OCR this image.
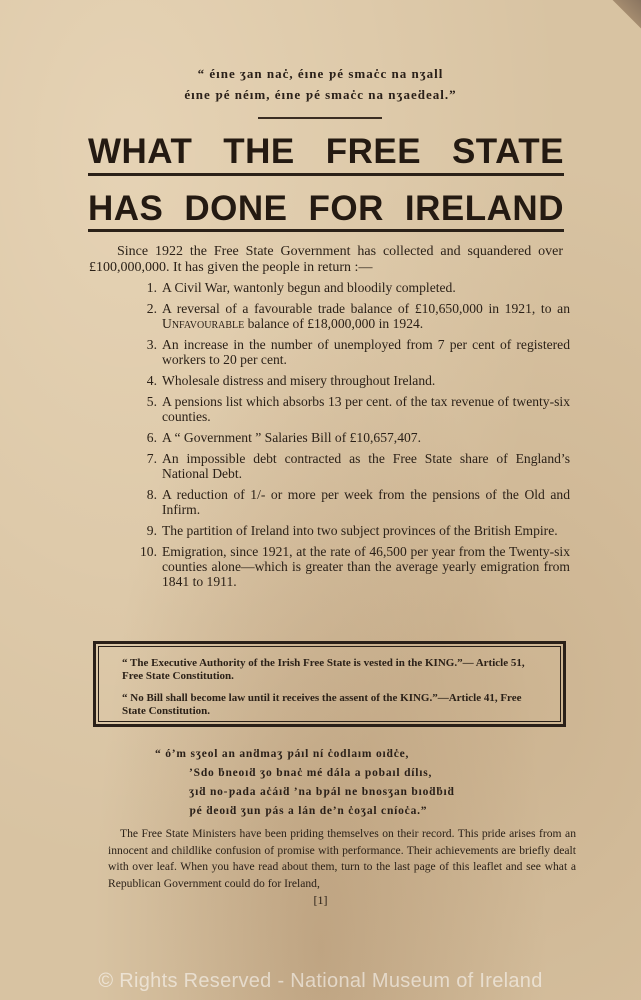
“ éıne ʒan naċ, éıne ƿé smaċc na nʒall
éıne ƿé néım, éıne ƿé smaċc na nʒaeḋeal.”
WHAT THE FREE STATE
HAS DONE FOR IRELAND
Since 1922 the Free State Government has collected and squandered over £100,000,000. It has given the people in return :—
1. A Civil War, wantonly begun and bloodily completed.
2. A reversal of a favourable trade balance of £10,650,000 in 1921, to an Unfavourable balance of £18,000,000 in 1924.
3. An increase in the number of unemployed from 7 per cent of registered workers to 20 per cent.
4. Wholesale distress and misery throughout Ireland.
5. A pensions list which absorbs 13 per cent. of the tax revenue of twenty-six counties.
6. A “ Government ” Salaries Bill of £10,657,407.
7. An impossible debt contracted as the Free State share of England’s National Debt.
8. A reduction of 1/- or more per week from the pensions of the Old and Infirm.
9. The partition of Ireland into two subject provinces of the British Empire.
10. Emigration, since 1921, at the rate of 46,500 per year from the Twenty-six counties alone—which is greater than the average yearly emigration from 1841 to 1911.

“ The Executive Authority of the Irish Free State is vested in the KING.”— Article 51, Free State Constitution.

“ No Bill shall become law until it receives the assent of the KING.”—Article 41, Free State Constitution.

“ ó’m sʒeol an anḋmaʒ ƿáıl ní ċodlaım oıḋċe,
’Sdo ḃneoıḋ ʒo bnaċ mé dála a pobaıl dílıs,
ʒıḋ no-ƿada aċáıḋ ’na bƿál ne bnosʒan bıoḋḃıḋ
ƿé ḋeoıḋ ʒun ƿás a lán de’n ċoʒal cníoċa.”
The Free State Ministers have been priding themselves on their record. This pride arises from an innocent and childlike confusion of promise with performance. Their achievements are briefly dealt with over leaf. When you have read about them, turn to the last page of this leaflet and see what a Republican Government could do for Ireland,
[1]
© Rights Reserved - National Museum of Ireland
